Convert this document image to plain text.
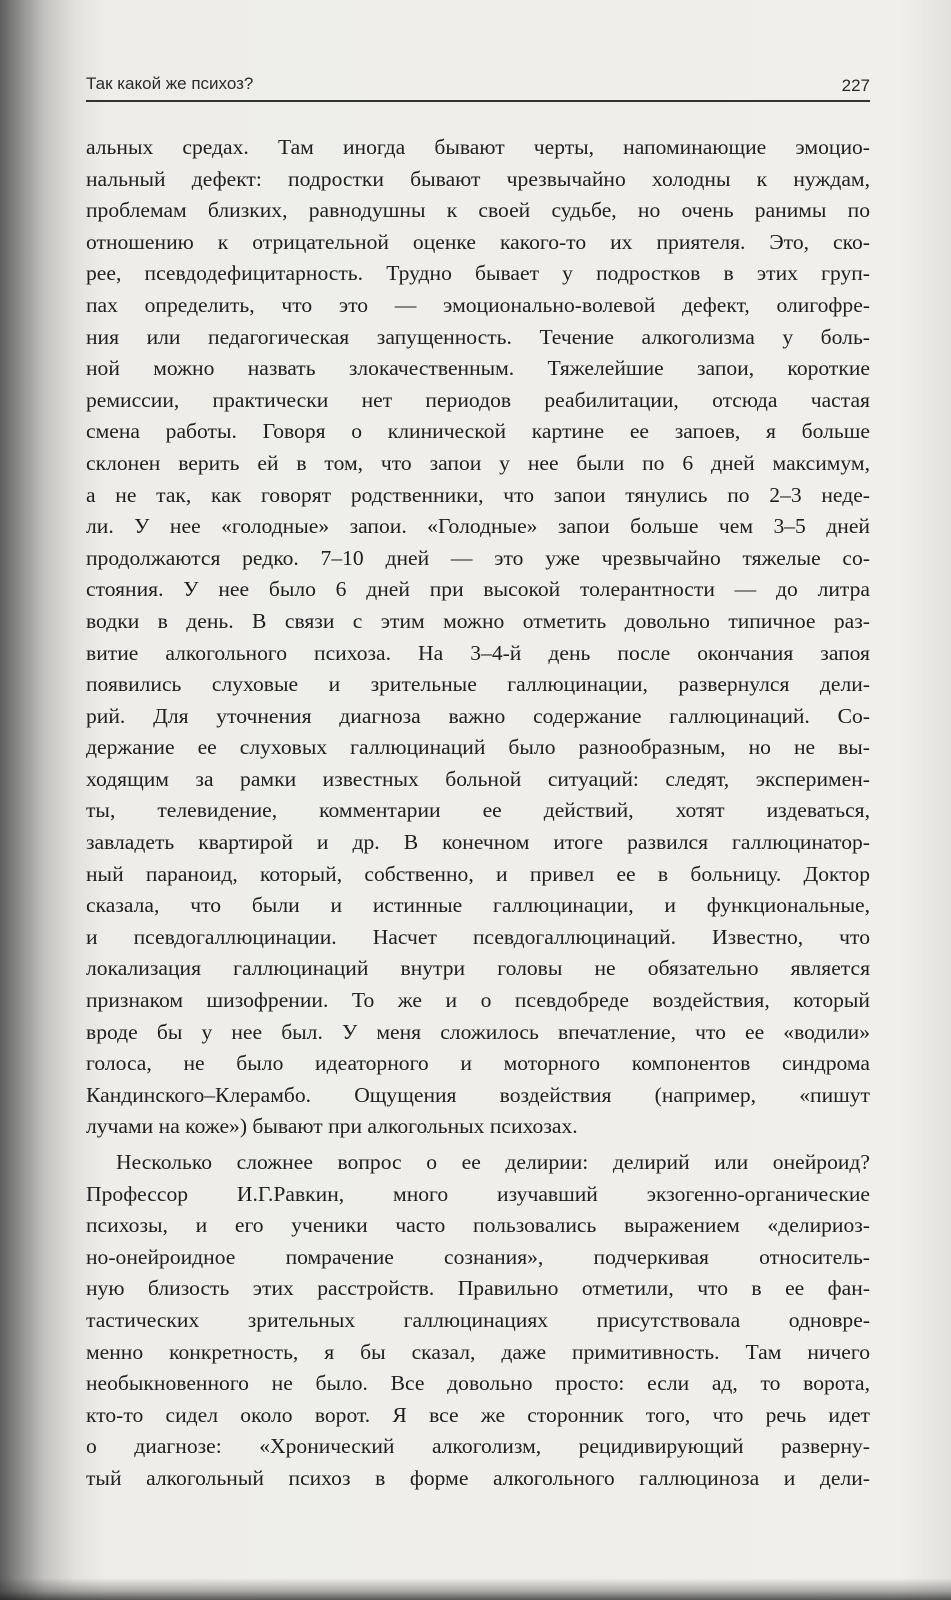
Так какой же психоз?	227
альных средах. Там иногда бывают черты, напоминающие эмоцио-
нальный дефект: подростки бывают чрезвычайно холодны к нуждам,
проблемам близких, равнодушны к своей судьбе, но очень ранимы по
отношению к отрицательной оценке какого-то их приятеля. Это, ско-
рее, псевдодефицитарность. Трудно бывает у подростков в этих груп-
пах определить, что это — эмоционально-волевой дефект, олигофре-
ния или педагогическая запущенность. Течение алкоголизма у боль-
ной можно назвать злокачественным. Тяжелейшие запои, короткие
ремиссии, практически нет периодов реабилитации, отсюда частая
смена работы. Говоря о клинической картине ее запоев, я больше
склонен верить ей в том, что запои у нее были по 6 дней максимум,
а не так, как говорят родственники, что запои тянулись по 2–3 неде-
ли. У нее «голодные» запои. «Голодные» запои больше чем 3–5 дней
продолжаются редко. 7–10 дней — это уже чрезвычайно тяжелые со-
стояния. У нее было 6 дней при высокой толерантности — до литра
водки в день. В связи с этим можно отметить довольно типичное раз-
витие алкогольного психоза. На 3–4-й день после окончания запоя
появились слуховые и зрительные галлюцинации, развернулся дели-
рий. Для уточнения диагноза важно содержание галлюцинаций. Со-
держание ее слуховых галлюцинаций было разнообразным, но не вы-
ходящим за рамки известных больной ситуаций: следят, эксперимен-
ты, телевидение, комментарии ее действий, хотят издеваться,
завладеть квартирой и др. В конечном итоге развился галлюцинатор-
ный параноид, который, собственно, и привел ее в больницу. Доктор
сказала, что были и истинные галлюцинации, и функциональные,
и псевдогаллюцинации. Насчет псевдогаллюцинаций. Известно, что
локализация галлюцинаций внутри головы не обязательно является
признаком шизофрении. То же и о псевдобреде воздействия, который
вроде бы у нее был. У меня сложилось впечатление, что ее «водили»
голоса, не было идеаторного и моторного компонентов синдрома
Кандинского–Клерамбо. Ощущения воздействия (например, «пишут
лучами на коже») бывают при алкогольных психозах.
Несколько сложнее вопрос о ее делирии: делирий или онейроид?
Профессор И.Г.Равкин, много изучавший экзогенно-органические
психозы, и его ученики часто пользовались выражением «делириоз-
но-онейроидное помрачение сознания», подчеркивая относитель-
ную близость этих расстройств. Правильно отметили, что в ее фан-
тастических зрительных галлюцинациях присутствовала одновре-
менно конкретность, я бы сказал, даже примитивность. Там ничего
необыкновенного не было. Все довольно просто: если ад, то ворота,
кто-то сидел около ворот. Я все же сторонник того, что речь идет
о диагнозе: «Хронический алкоголизм, рецидивирующий разверну-
тый алкогольный психоз в форме алкогольного галлюциноза и дели-
